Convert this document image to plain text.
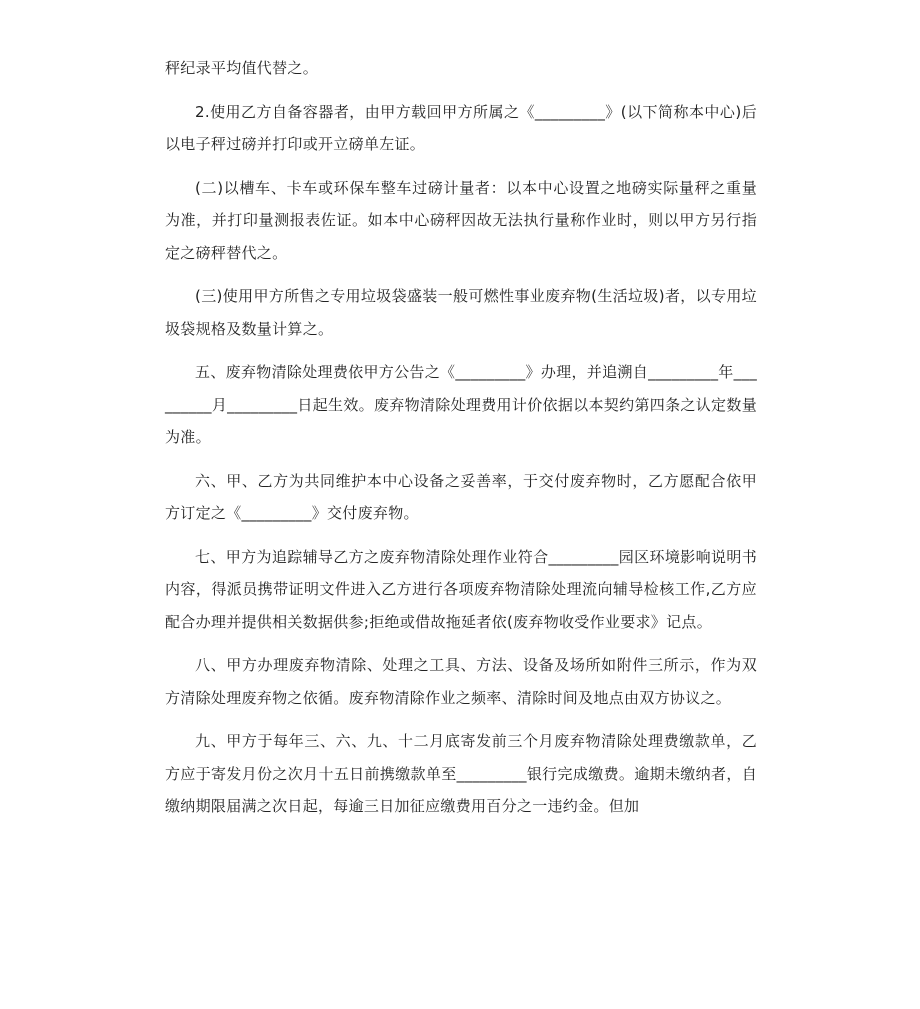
秤纪录平均值代替之。

2.使用乙方自备容器者，由甲方载回甲方所属之《_________》(以下简称本中心)后以电子秤过磅并打印或开立磅单左证。

(二)以槽车、卡车或环保车整车过磅计量者：以本中心设置之地磅实际量秤之重量为准，并打印量测报表佐证。如本中心磅秤因故无法执行量称作业时，则以甲方另行指定之磅秤替代之。

(三)使用甲方所售之专用垃圾袋盛装一般可燃性事业废弃物(生活垃圾)者，以专用垃圾袋规格及数量计算之。

五、废弃物清除处理费依甲方公告之《_________》办理，并追溯自_________年_________月_________日起生效。废弃物清除处理费用计价依据以本契约第四条之认定数量为准。

六、甲、乙方为共同维护本中心设备之妥善率，于交付废弃物时，乙方愿配合依甲方订定之《_________》交付废弃物。

七、甲方为追踪辅导乙方之废弃物清除处理作业符合_________园区环境影响说明书内容，得派员携带证明文件进入乙方进行各项废弃物清除处理流向辅导检核工作,乙方应配合办理并提供相关数据供参;拒绝或借故拖延者依(废弃物收受作业要求》记点。

八、甲方办理废弃物清除、处理之工具、方法、设备及场所如附件三所示，作为双方清除处理废弃物之依循。废弃物清除作业之频率、清除时间及地点由双方协议之。

九、甲方于每年三、六、九、十二月底寄发前三个月废弃物清除处理费缴款单，乙方应于寄发月份之次月十五日前携缴款单至_________银行完成缴费。逾期未缴纳者，自缴纳期限届满之次日起，每逾三日加征应缴费用百分之一违约金。但加
